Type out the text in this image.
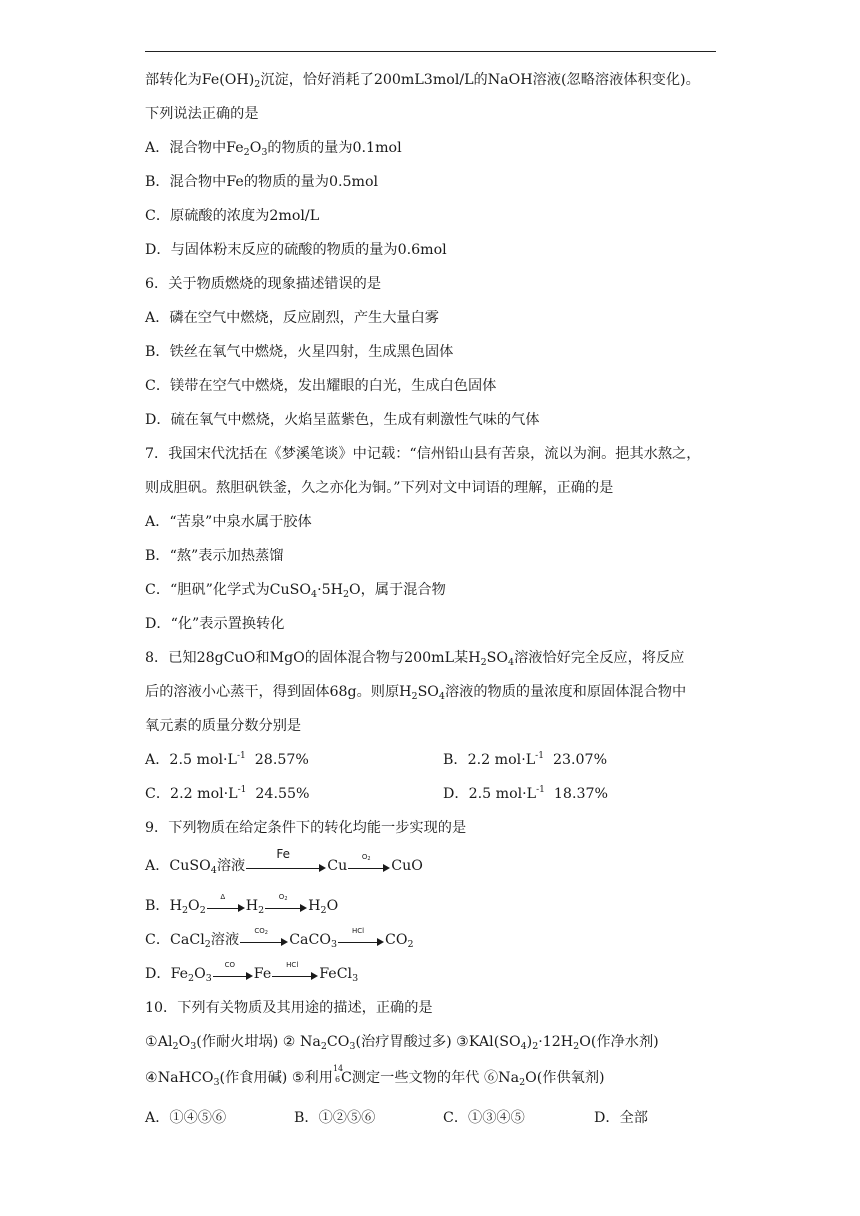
部转化为$Fe(OH)_2$沉淀，恰好消耗了200mL3mol/L的NaOH溶液(忽略溶液体积变化)。
下列说法正确的是
A．混合物中$Fe_2O_3$的物质的量为0.1mol
B．混合物中Fe的物质的量为0.5mol
C．原硫酸的浓度为2mol/L
D．与固体粉末反应的硫酸的物质的量为0.6mol
6．关于物质燃烧的现象描述错误的是
A．磷在空气中燃烧，反应剧烈，产生大量白雾
B．铁丝在氧气中燃烧，火星四射，生成黑色固体
C．镁带在空气中燃烧，发出耀眼的白光，生成白色固体
D．硫在氧气中燃烧，火焰呈蓝紫色，生成有刺激性气味的气体
7．我国宋代沈括在《梦溪笔谈》中记载：“信州铅山县有苦泉，流以为涧。挹其水熬之，
则成胆矾。熬胆矾铁釜，久之亦化为铜。”下列对文中词语的理解，正确的是
A．“苦泉”中泉水属于胶体
B．“熬”表示加热蒸馏
C．“胆矾”化学式为$CuSO_4\cdot 5H_2O$，属于混合物
D．“化”表示置换转化
8．已知28gCuO和MgO的固体混合物与200mL某$H_2SO_4$溶液恰好完全反应，将反应
后的溶液小心蒸干，得到固体68g。则原$H_2SO_4$溶液的物质的量浓度和原固体混合物中
氧元素的质量分数分别是
A．2.5 $mol\cdot L^{-1}$  28.57%	B．2.2 $mol\cdot L^{-1}$  23.07%
C．2.2 $mol\cdot L^{-1}$  24.55%	D．2.5 $mol\cdot L^{-1}$  18.37%
9．下列物质在给定条件下的转化均能一步实现的是
A．CuSO$_4$溶液
Fe
Cu
$O_2$	CuO
B．$H_2O_2$
Δ
$H_2$
$O_2$	$H_2O$
C．CaCl$_2$溶液
$CO_2$	CaCO$_3$
HCl
$CO_2$
D．$Fe_2O_3$
CO
Fe
HCl
FeCl$_3$
10．下列有关物质及其用途的描述，正确的是
$①Al_2O_3$(作耐火坩埚) ② $Na_2CO_3$(治疗胃酸过多) $③KAl(SO_4)_2\cdot 12H_2O$(作净水剂)
④NaHCO$_3$(作食用碱) ⑤利用
14
6 C测定一些文物的年代 $⑥Na_2O$(作供氧剂)
A．①④⑤⑥	B．①②⑤⑥	C．①③④⑤	D．全部
